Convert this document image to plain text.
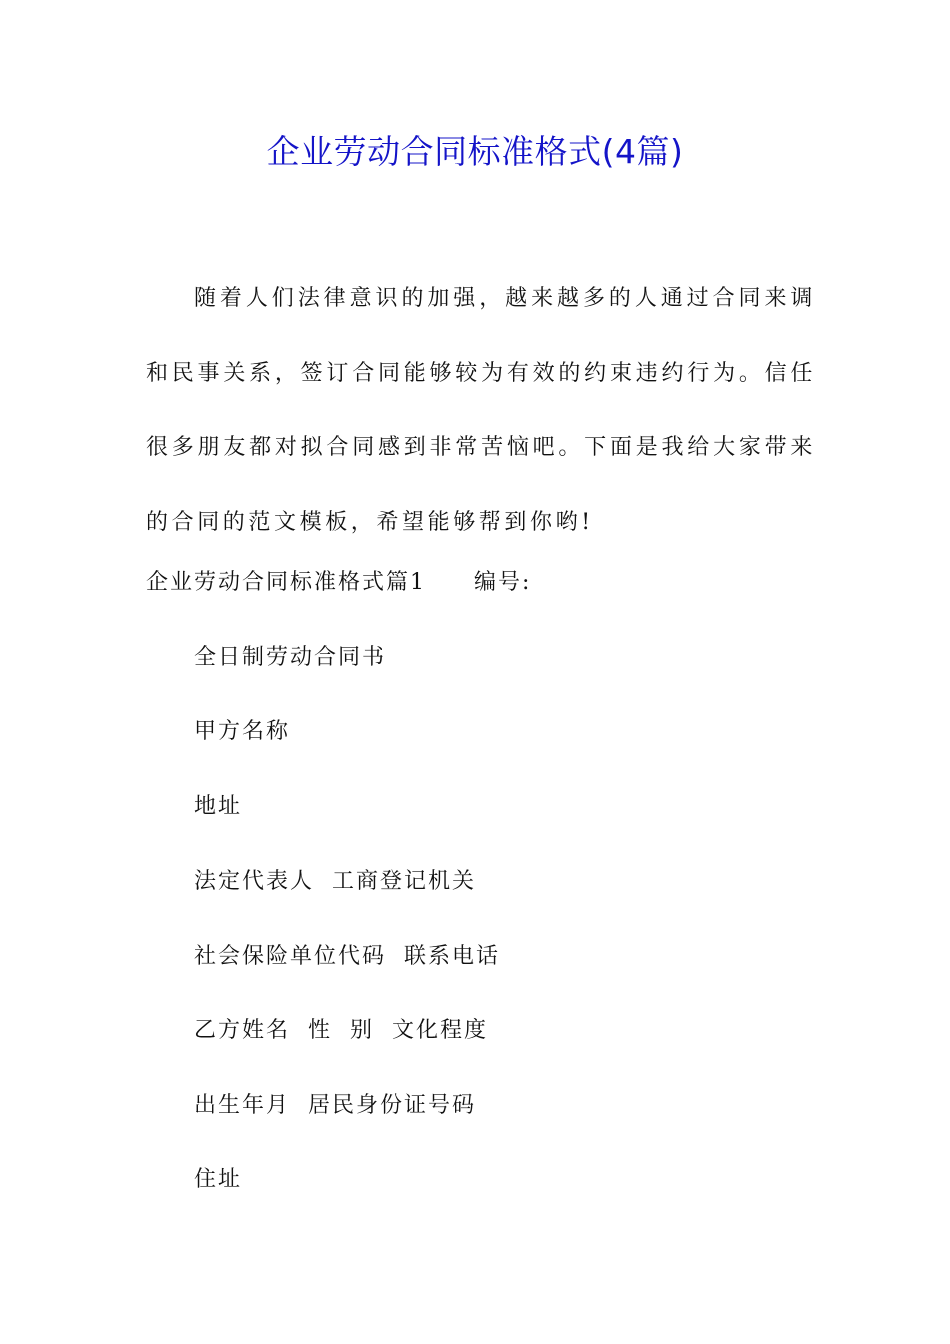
企业劳动合同标准格式(4篇)

随着人们法律意识的加强，越来越多的人通过合同来调和民事关系，签订合同能够较为有效的约束违约行为。信任很多朋友都对拟合同感到非常苦恼吧。下面是我给大家带来的合同的范文模板，希望能够帮到你哟!

企业劳动合同标准格式篇1 编号:
全日制劳动合同书
甲方名称
地址
法定代表人  工商登记机关
社会保险单位代码  联系电话
乙方姓名  性  别  文化程度
出生年月  居民身份证号码
住址
